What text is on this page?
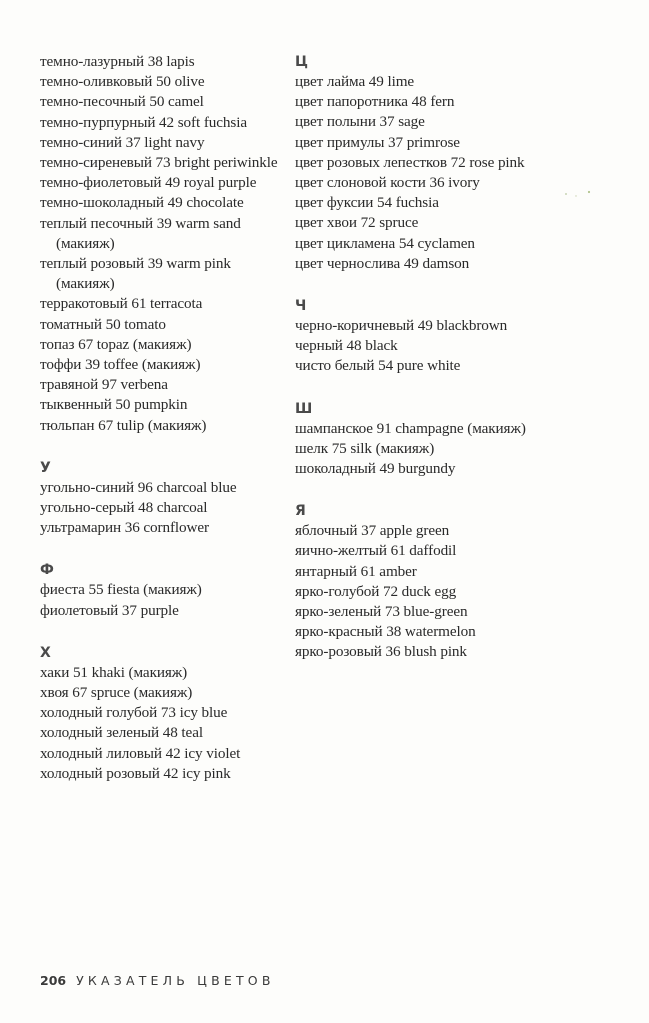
темно-лазурный 38 lapis
темно-оливковый 50 olive
темно-песочный 50 camel
темно-пурпурный 42 soft fuchsia
темно-синий 37 light navy
темно-сиреневый 73 bright periwinkle
темно-фиолетовый 49 royal purple
темно-шоколадный 49 chocolate
теплый песочный 39 warm sand (макияж)
теплый розовый 39 warm pink (макияж)
терракотовый 61 terracota
томатный 50 tomato
топаз 67 topaz (макияж)
тоффи 39 toffee (макияж)
травяной 97 verbena
тыквенный 50 pumpkin
тюльпан 67 tulip (макияж)
У
угольно-синий 96 charcoal blue
угольно-серый 48 charcoal
ультрамарин 36 cornflower
Ф
фиеста 55 fiesta (макияж)
фиолетовый 37 purple
Х
хаки 51 khaki (макияж)
хвоя 67 spruce (макияж)
холодный голубой 73 icy blue
холодный зеленый 48 teal
холодный лиловый 42 icy violet
холодный розовый 42 icy pink
Ц
цвет лайма 49 lime
цвет папоротника 48 fern
цвет полыни 37 sage
цвет примулы 37 primrose
цвет розовых лепестков 72 rose pink
цвет слоновой кости 36 ivory
цвет фуксии 54 fuchsia
цвет хвои 72 spruce
цвет цикламена 54 cyclamen
цвет чернослива 49 damson
Ч
черно-коричневый 49 blackbrown
черный 48 black
чисто белый 54 pure white
Ш
шампанское 91 champagne (макияж)
шелк 75 silk (макияж)
шоколадный 49 burgundy
Я
яблочный 37 apple green
яично-желтый 61 daffodil
янтарный 61 amber
ярко-голубой 72 duck egg
ярко-зеленый 73 blue-green
ярко-красный 38 watermelon
ярко-розовый 36 blush pink
206 УКАЗАТЕЛЬ ЦВЕТОВ
